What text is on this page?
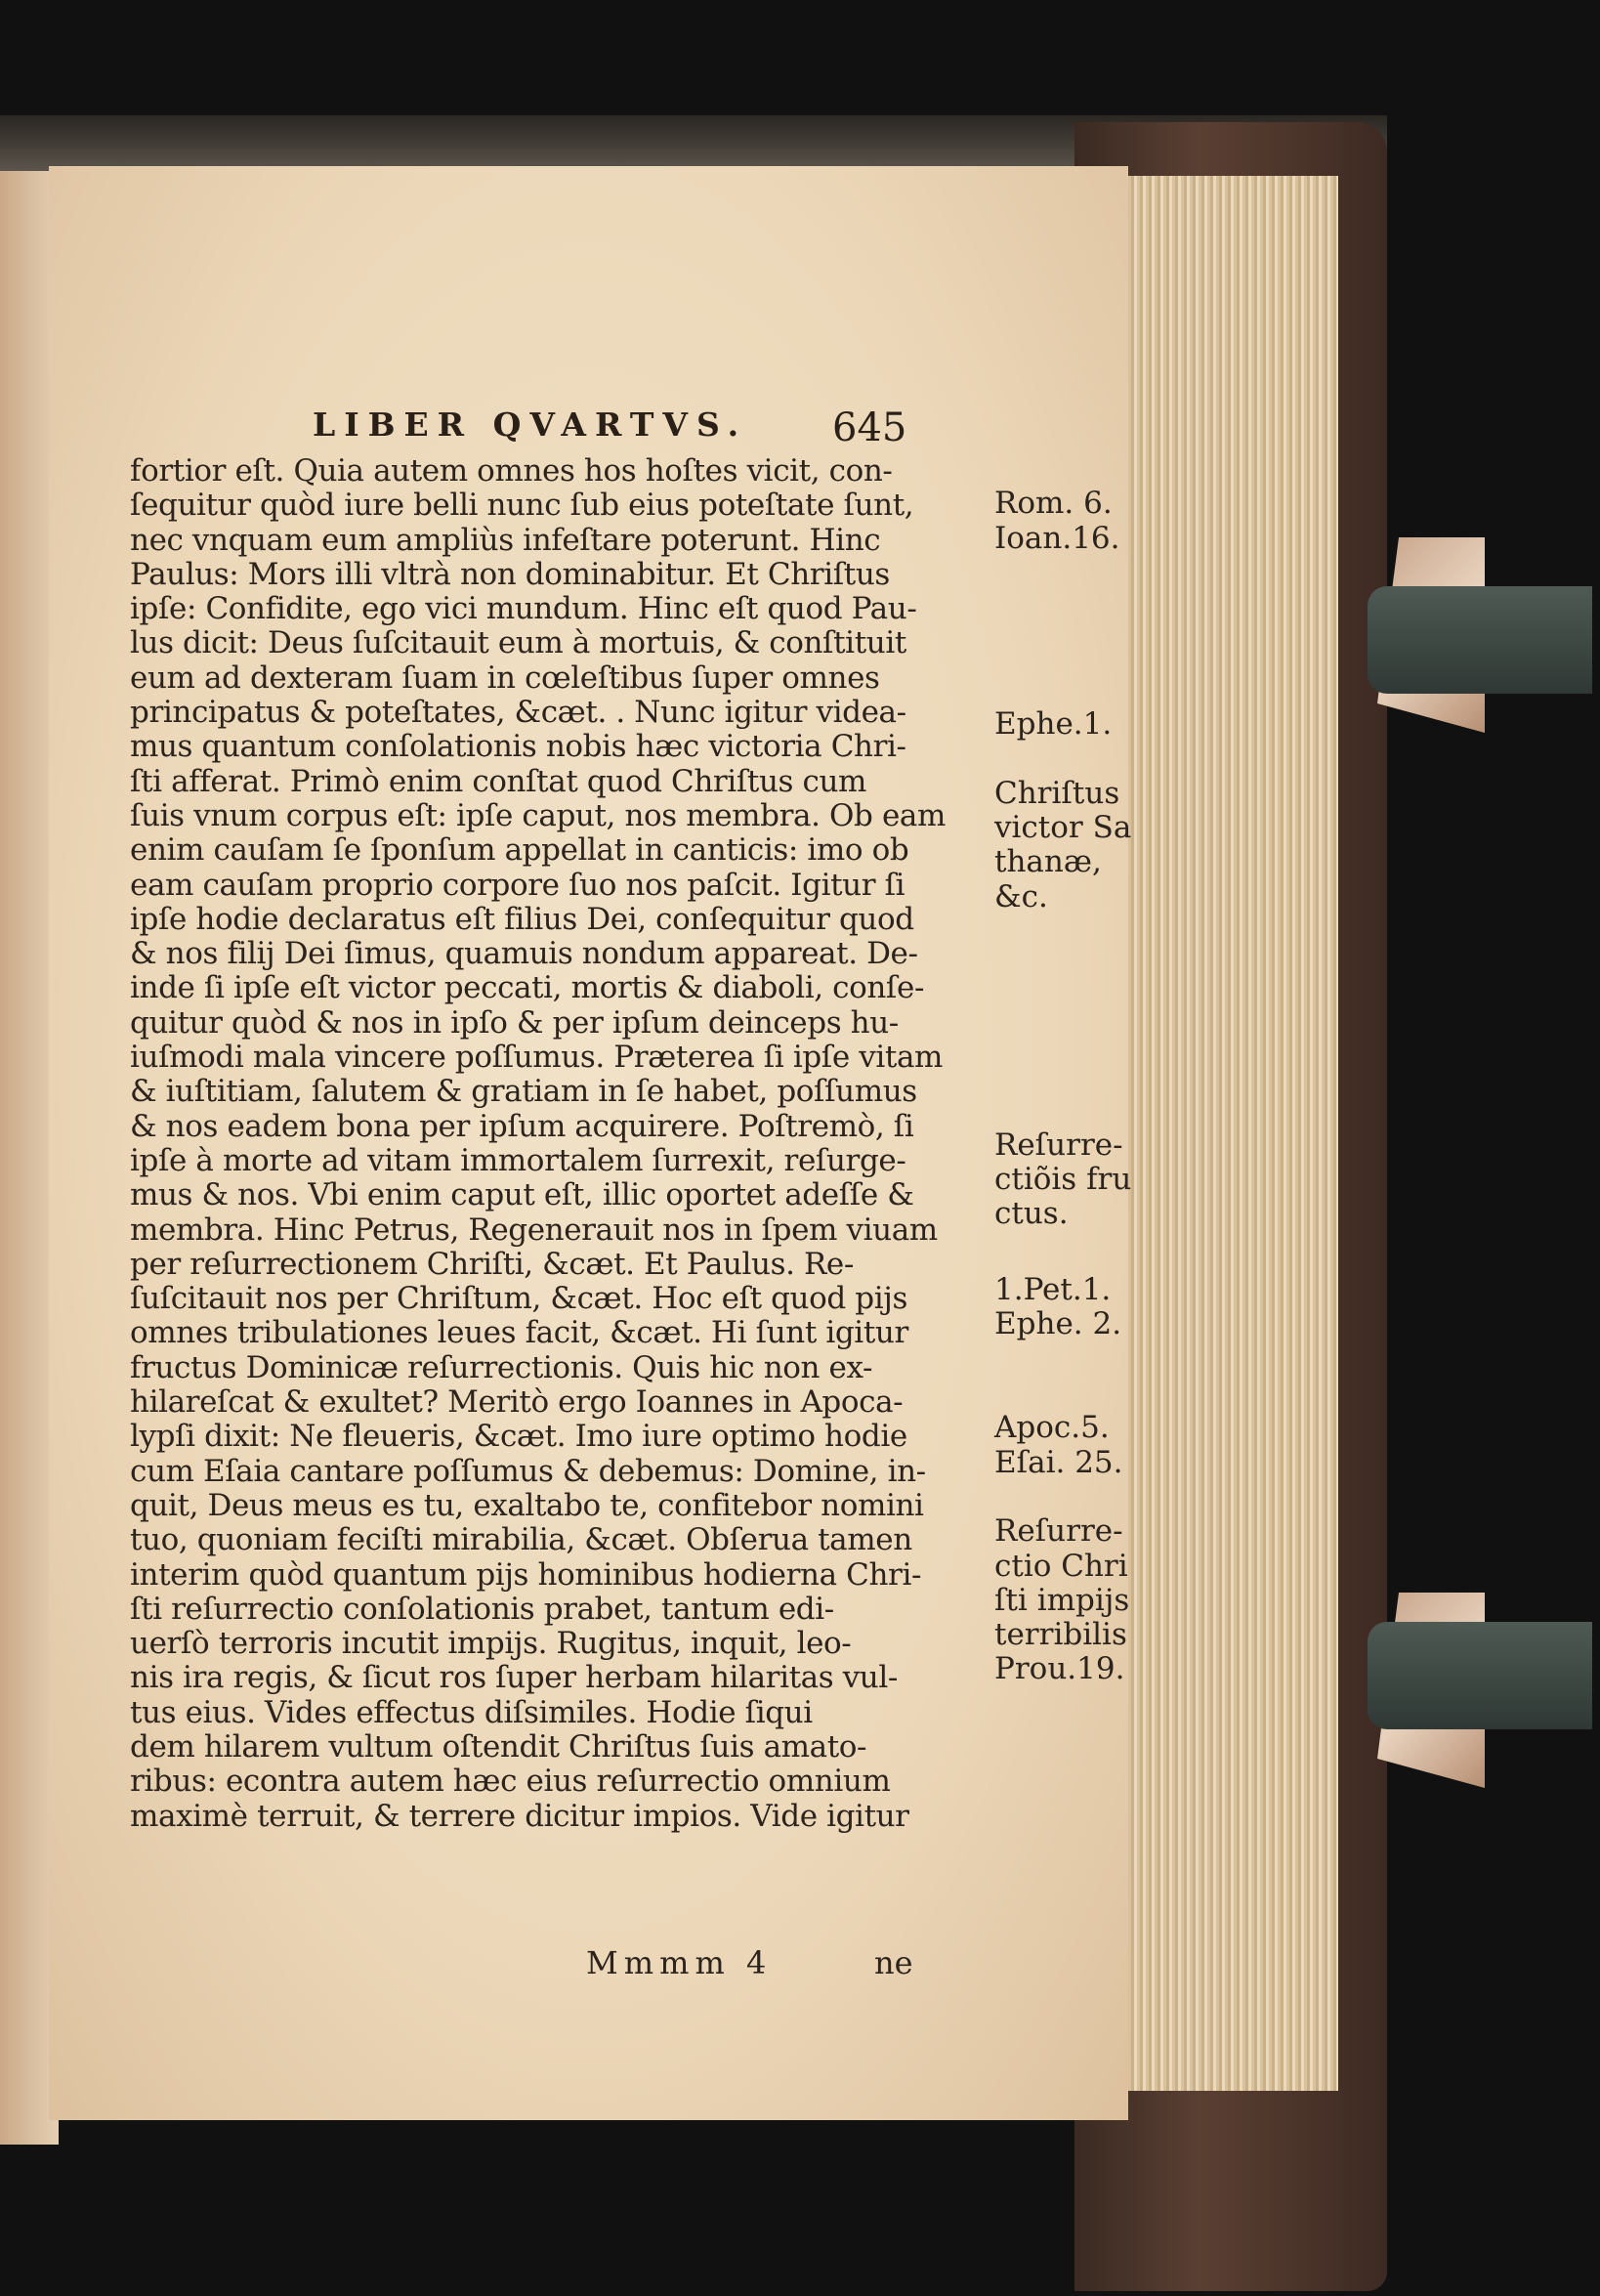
LIBER QVARTVS. 645
fortior eſt. Quia autem omnes hos hoſtes vicit, con-
ſequitur quòd iure belli nunc ſub eius poteſtate ſunt,
nec vnquam eum ampliùs infeſtare poterunt. Hinc
Paulus: Mors illi vltrà non dominabitur. Et Chriſtus
ipſe: Confidite, ego vici mundum. Hinc eſt quod Pau-
lus dicit: Deus ſuſcitauit eum à mortuis, & conſtituit
eum ad dexteram ſuam in cœleſtibus ſuper omnes
principatus & poteſtates, &cæt. . Nunc igitur videa-
mus quantum conſolationis nobis hæc victoria Chri-
ſti afferat. Primò enim conſtat quod Chriſtus cum
ſuis vnum corpus eſt: ipſe caput, nos membra. Ob eam
enim cauſam ſe ſponſum appellat in canticis: imo ob
eam cauſam proprio corpore ſuo nos paſcit. Igitur ſi
ipſe hodie declaratus eſt filius Dei, conſequitur quod
& nos filij Dei ſimus, quamuis nondum appareat. De-
inde ſi ipſe eſt victor peccati, mortis & diaboli, conſe-
quitur quòd & nos in ipſo & per ipſum deinceps hu-
iuſmodi mala vincere poſſumus. Præterea ſi ipſe vitam
& iuſtitiam, ſalutem & gratiam in ſe habet, poſſumus
& nos eadem bona per ipſum acquirere. Poſtremò, ſi
ipſe à morte ad vitam immortalem ſurrexit, reſurge-
mus & nos. Vbi enim caput eſt, illic oportet adeſſe &
membra. Hinc Petrus, Regenerauit nos in ſpem viuam
per reſurrectionem Chriſti, &cæt. Et Paulus. Re-
ſuſcitauit nos per Chriſtum, &cæt. Hoc eſt quod pijs
omnes tribulationes leues facit, &cæt. Hi ſunt igitur
fructus Dominicæ reſurrectionis. Quis hic non ex-
hilareſcat & exultet? Meritò ergo Ioannes in Apoca-
lypſi dixit: Ne fleueris, &cæt. Imo iure optimo hodie
cum Eſaia cantare poſſumus & debemus: Domine, in-
quit, Deus meus es tu, exaltabo te, confitebor nomini
tuo, quoniam feciſti mirabilia, &cæt. Obſerua tamen
interim quòd quantum pijs hominibus hodierna Chri-
ſti reſurrectio conſolationis prabet, tantum edi-
uerſò terroris incutit impijs. Rugitus, inquit, leo-
nis ira regis, & ſicut ros ſuper herbam hilaritas vul-
tus eius. Vides effectus diſsimiles. Hodie ſiqui
dem hilarem vultum oſtendit Chriſtus ſuis amato-
ribus: econtra autem hæc eius reſurrectio omnium
maximè terruit, & terrere dicitur impios. Vide igitur
Rom. 6.
Ioan.16.
Ephe.1.
Chriſtus
victor Sa
thanæ,
&c.
Reſurre-
ctiõis fru
ctus.
1.Pet.1.
Ephe. 2.
Apoc.5.
Eſai. 25.
Reſurre-
ctio Chri
ſti impijs
terribilis
Prou.19.
Mmmm 4	ne
